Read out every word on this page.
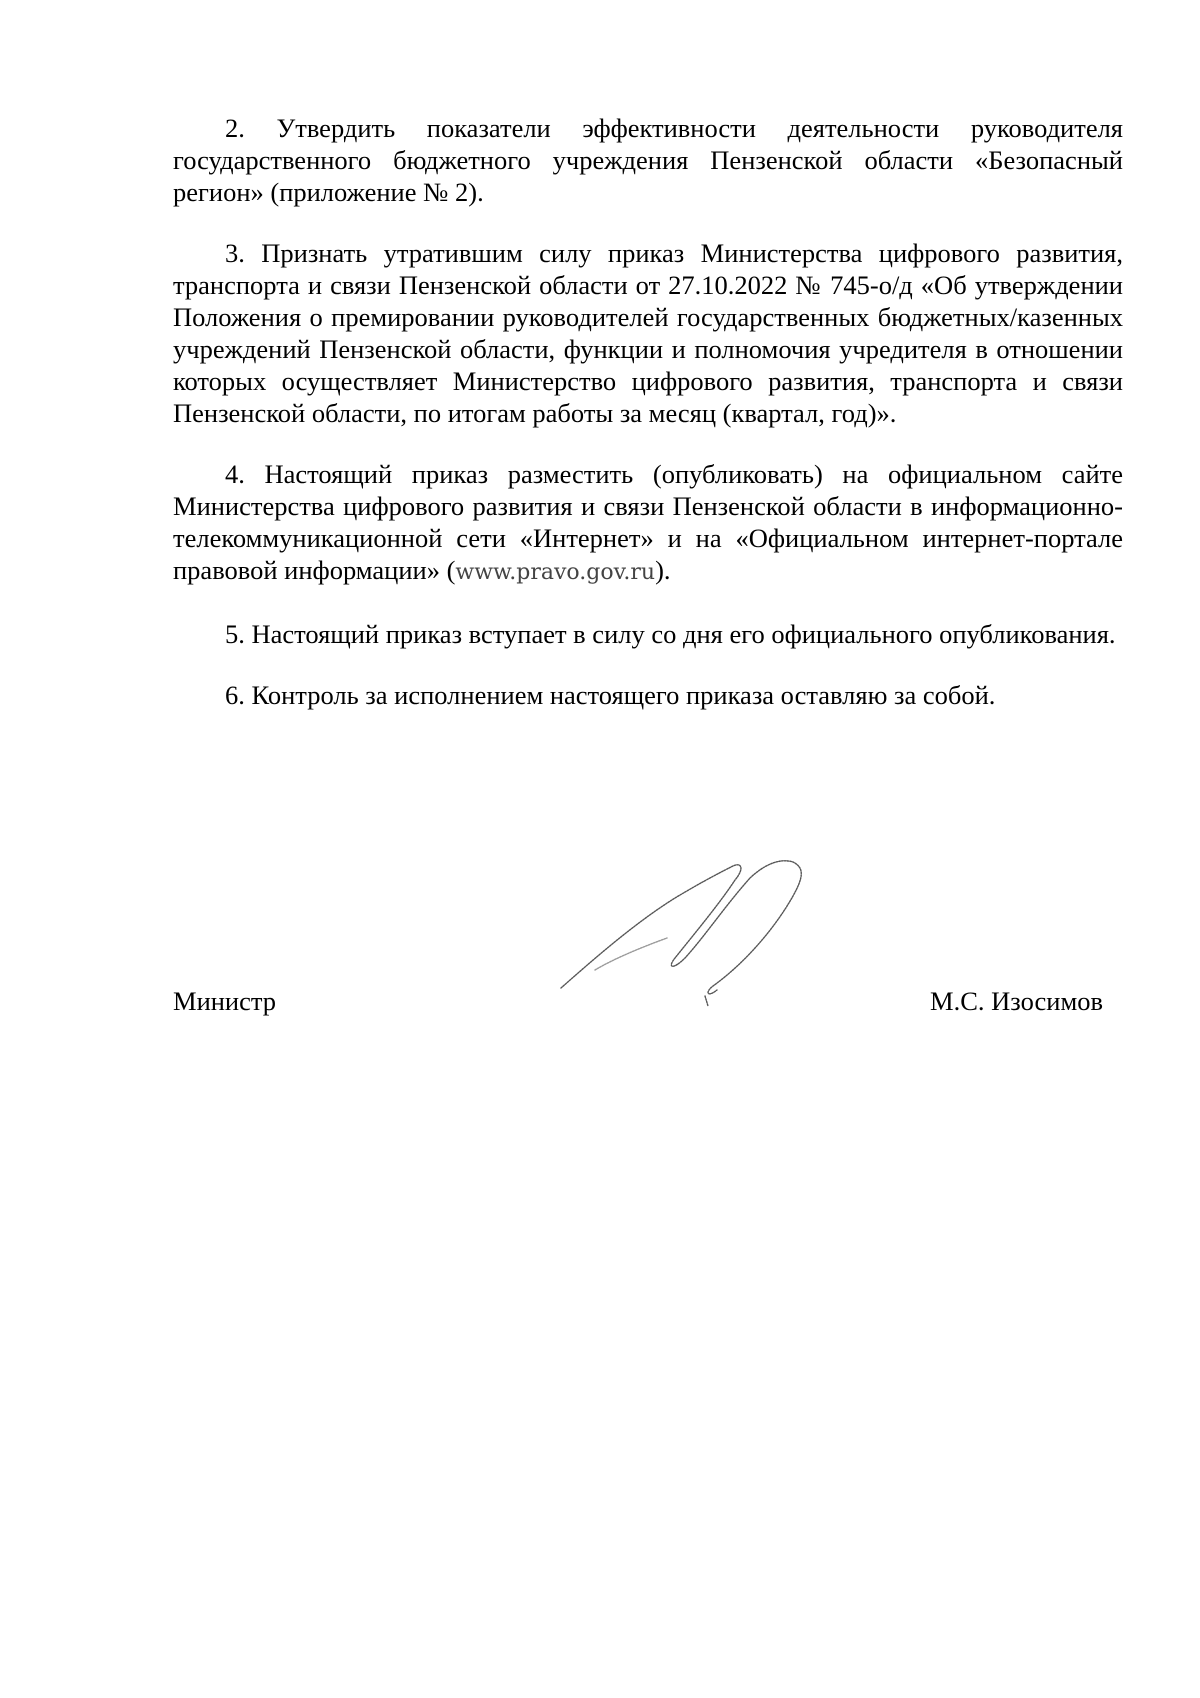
2. Утвердить показатели эффективности деятельности руководителя государственного бюджетного учреждения Пензенской области «Безопасный регион» (приложение № 2).

3. Признать утратившим силу приказ Министерства цифрового развития, транспорта и связи Пензенской области от 27.10.2022 № 745-о/д «Об утверждении Положения о премировании руководителей государственных бюджетных/казенных учреждений Пензенской области, функции и полномочия учредителя в отношении которых осуществляет Министерство цифрового развития, транспорта и связи Пензенской области, по итогам работы за месяц (квартал, год)».

4. Настоящий приказ разместить (опубликовать) на официальном сайте Министерства цифрового развития и связи Пензенской области в информационно-телекоммуникационной сети «Интернет» и на «Официальном интернет-портале правовой информации» (www.pravo.gov.ru).

5. Настоящий приказ вступает в силу со дня его официального опубликования.

6. Контроль за исполнением настоящего приказа оставляю за собой.

Министр	М.С. Изосимов
